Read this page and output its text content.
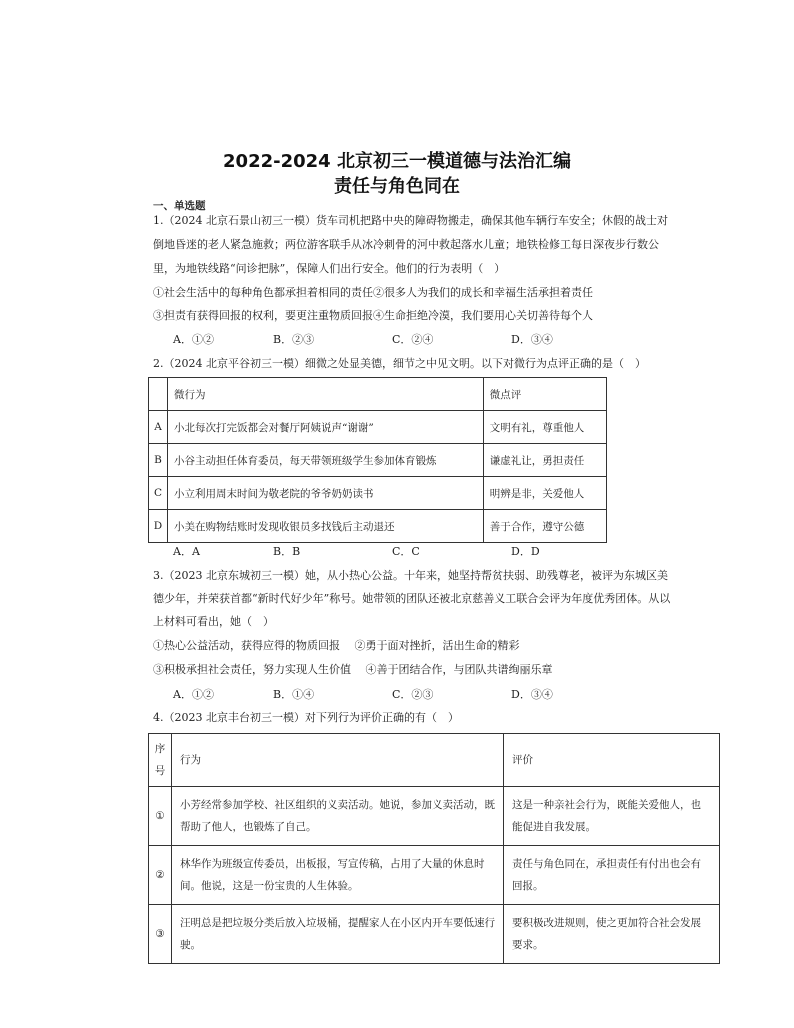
2022-2024 北京初三一模道德与法治汇编
责任与角色同在
一、单选题
1.（2024 北京石景山初三一模）货车司机把路中央的障碍物搬走，确保其他车辆行车安全；休假的战士对
倒地昏迷的老人紧急施救；两位游客联手从冰冷刺骨的河中救起落水儿童；地铁检修工每日深夜步行数公
里，为地铁线路“问诊把脉”，保障人们出行安全。他们的行为表明（　）
①社会生活中的每种角色都承担着相同的责任②很多人为我们的成长和幸福生活承担着责任
③担责有获得回报的权利，要更注重物质回报④生命拒绝冷漠，我们要用心关切善待每个人
A．①②	B．②③	C．②④	D．③④
2.（2024 北京平谷初三一模）细微之处显美德，细节之中见文明。以下对微行为点评正确的是（　）
	微行为	微点评
A	小北每次打完饭都会对餐厅阿姨说声“谢谢”	文明有礼，尊重他人
B	小谷主动担任体育委员，每天带领班级学生参加体育锻炼	谦虚礼让，勇担责任
C	小立利用周末时间为敬老院的爷爷奶奶读书	明辨是非，关爱他人
D	小美在购物结账时发现收银员多找钱后主动退还	善于合作，遵守公德
A．A	B．B	C．C	D．D
3.（2023 北京东城初三一模）她，从小热心公益。十年来，她坚持帮贫扶弱、助残尊老，被评为东城区美
德少年，并荣获首都“新时代好少年”称号。她带领的团队还被北京慈善义工联合会评为年度优秀团体。从以
上材料可看出，她（　）
①热心公益活动，获得应得的物质回报　 ②勇于面对挫折，活出生命的精彩
③积极承担社会责任，努力实现人生价值　 ④善于团结合作，与团队共谱绚丽乐章
A．①②	B．①④	C．②③	D．③④
4.（2023 北京丰台初三一模）对下列行为评价正确的有（　）
序号	行为	评价
①	小芳经常参加学校、社区组织的义卖活动。她说，参加义卖活动，既帮助了他人，也锻炼了自己。	这是一种亲社会行为，既能关爱他人，也能促进自我发展。
②	林华作为班级宣传委员，出板报，写宣传稿，占用了大量的休息时间。他说，这是一份宝贵的人生体验。	责任与角色同在，承担责任有付出也会有回报。
③	汪明总是把垃圾分类后放入垃圾桶，提醒家人在小区内开车要低速行驶。	要积极改进规则，使之更加符合社会发展要求。
